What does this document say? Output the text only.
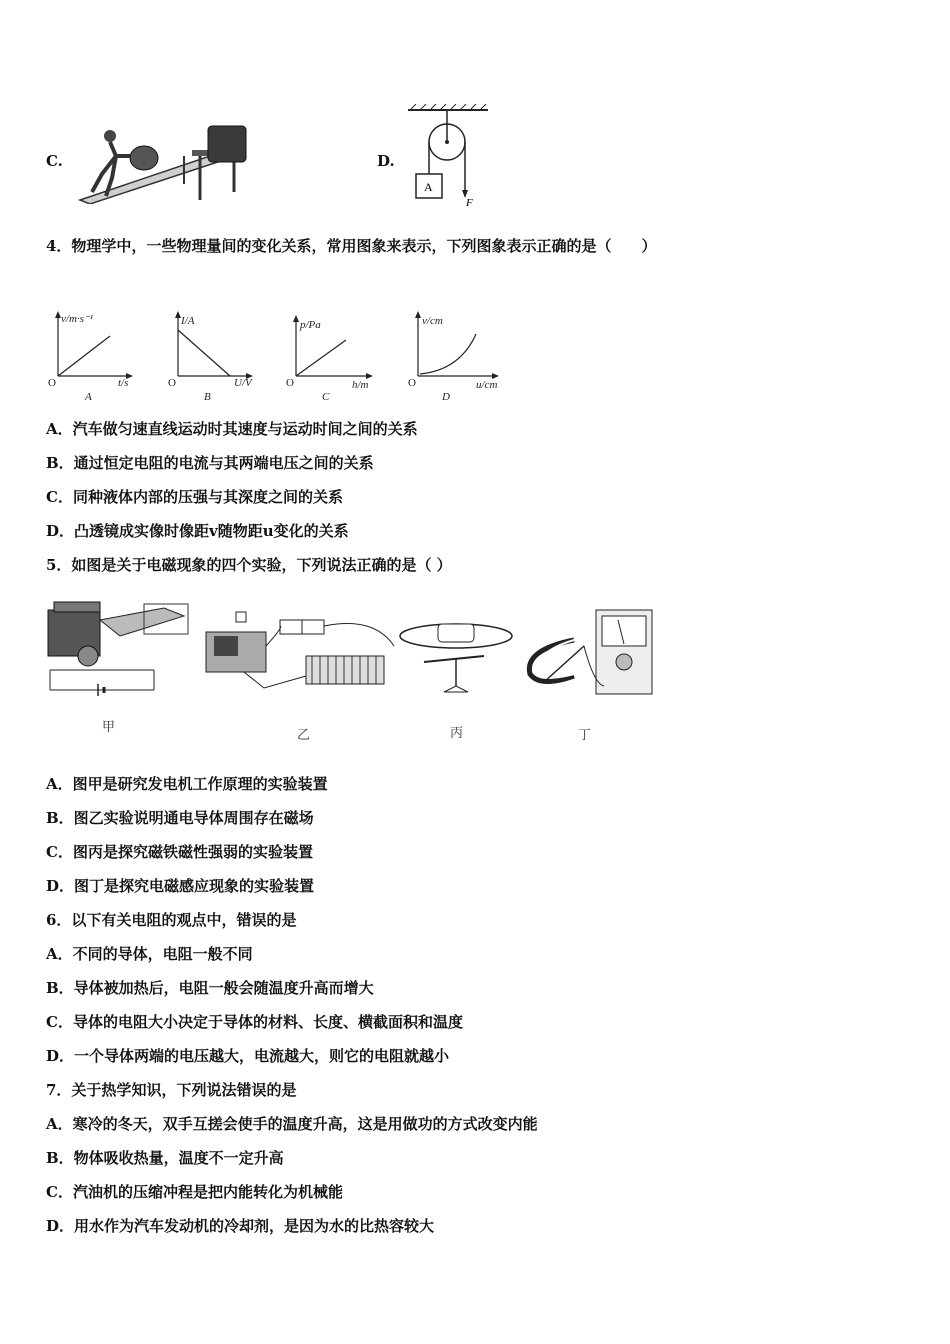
C.	D.
A
F
4．物理学中，一些物理量间的变化关系，常用图象来表示，下列图象表示正确的是（　　）
v/m·s⁻¹
O	t/s
A
I/A
O	U/V
B
p/Pa
O	h/m
C
v/cm
O	u/cm
D
A．汽车做匀速直线运动时其速度与运动时间之间的关系
B．通过恒定电阻的电流与其两端电压之间的关系
C．同种液体内部的压强与其深度之间的关系
D．凸透镜成实像时像距v随物距u变化的关系
5．如图是关于电磁现象的四个实验，下列说法正确的是（ ）
甲
乙	丙	丁
A．图甲是研究发电机工作原理的实验装置
B．图乙实验说明通电导体周围存在磁场
C．图丙是探究磁铁磁性强弱的实验装置
D．图丁是探究电磁感应现象的实验装置
6．以下有关电阻的观点中，错误的是
A．不同的导体，电阻一般不同
B．导体被加热后，电阻一般会随温度升高而增大
C．导体的电阻大小决定于导体的材料、长度、横截面积和温度
D．一个导体两端的电压越大，电流越大，则它的电阻就越小
7．关于热学知识，下列说法错误的是
A．寒冷的冬天，双手互搓会使手的温度升高，这是用做功的方式改变内能
B．物体吸收热量，温度不一定升高
C．汽油机的压缩冲程是把内能转化为机械能
D．用水作为汽车发动机的冷却剂，是因为水的比热容较大
